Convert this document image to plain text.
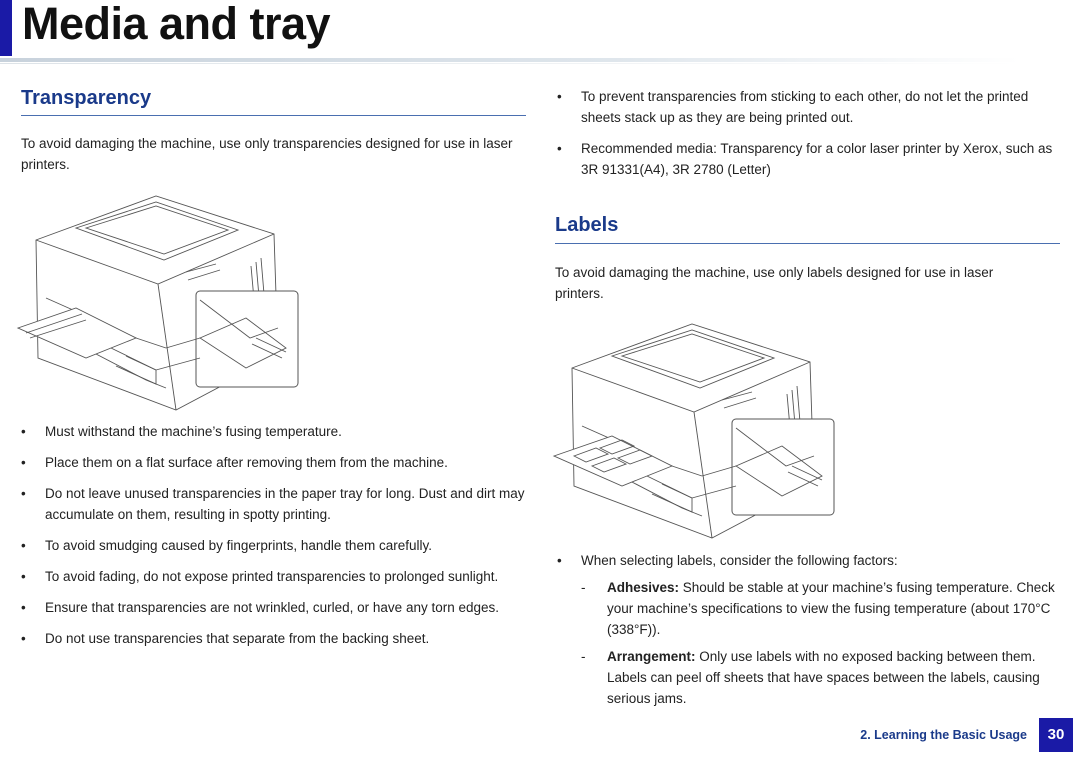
Media and tray
Transparency

To avoid damaging the machine, use only transparencies designed for use in laser printers.

• Must withstand the machine’s fusing temperature.
• Place them on a flat surface after removing them from the machine.
• Do not leave unused transparencies in the paper tray for long. Dust and dirt may accumulate on them, resulting in spotty printing.
• To avoid smudging caused by fingerprints, handle them carefully.
• To avoid fading, do not expose printed transparencies to prolonged sunlight.
• Ensure that transparencies are not wrinkled, curled, or have any torn edges.
• Do not use transparencies that separate from the backing sheet.
• To prevent transparencies from sticking to each other, do not let the printed sheets stack up as they are being printed out.
• Recommended media: Transparency for a color laser printer by Xerox, such as 3R 91331(A4), 3R 2780 (Letter)
Labels

To avoid damaging the machine, use only labels designed for use in laser printers.

• When selecting labels, consider the following factors:
-	Adhesives: Should be stable at your machine’s fusing temperature. Check your machine’s specifications to view the fusing temperature (about 170°C (338°F)).
-	Arrangement: Only use labels with no exposed backing between them. Labels can peel off sheets that have spaces between the labels, causing serious jams.
2. Learning the Basic Usage	30
